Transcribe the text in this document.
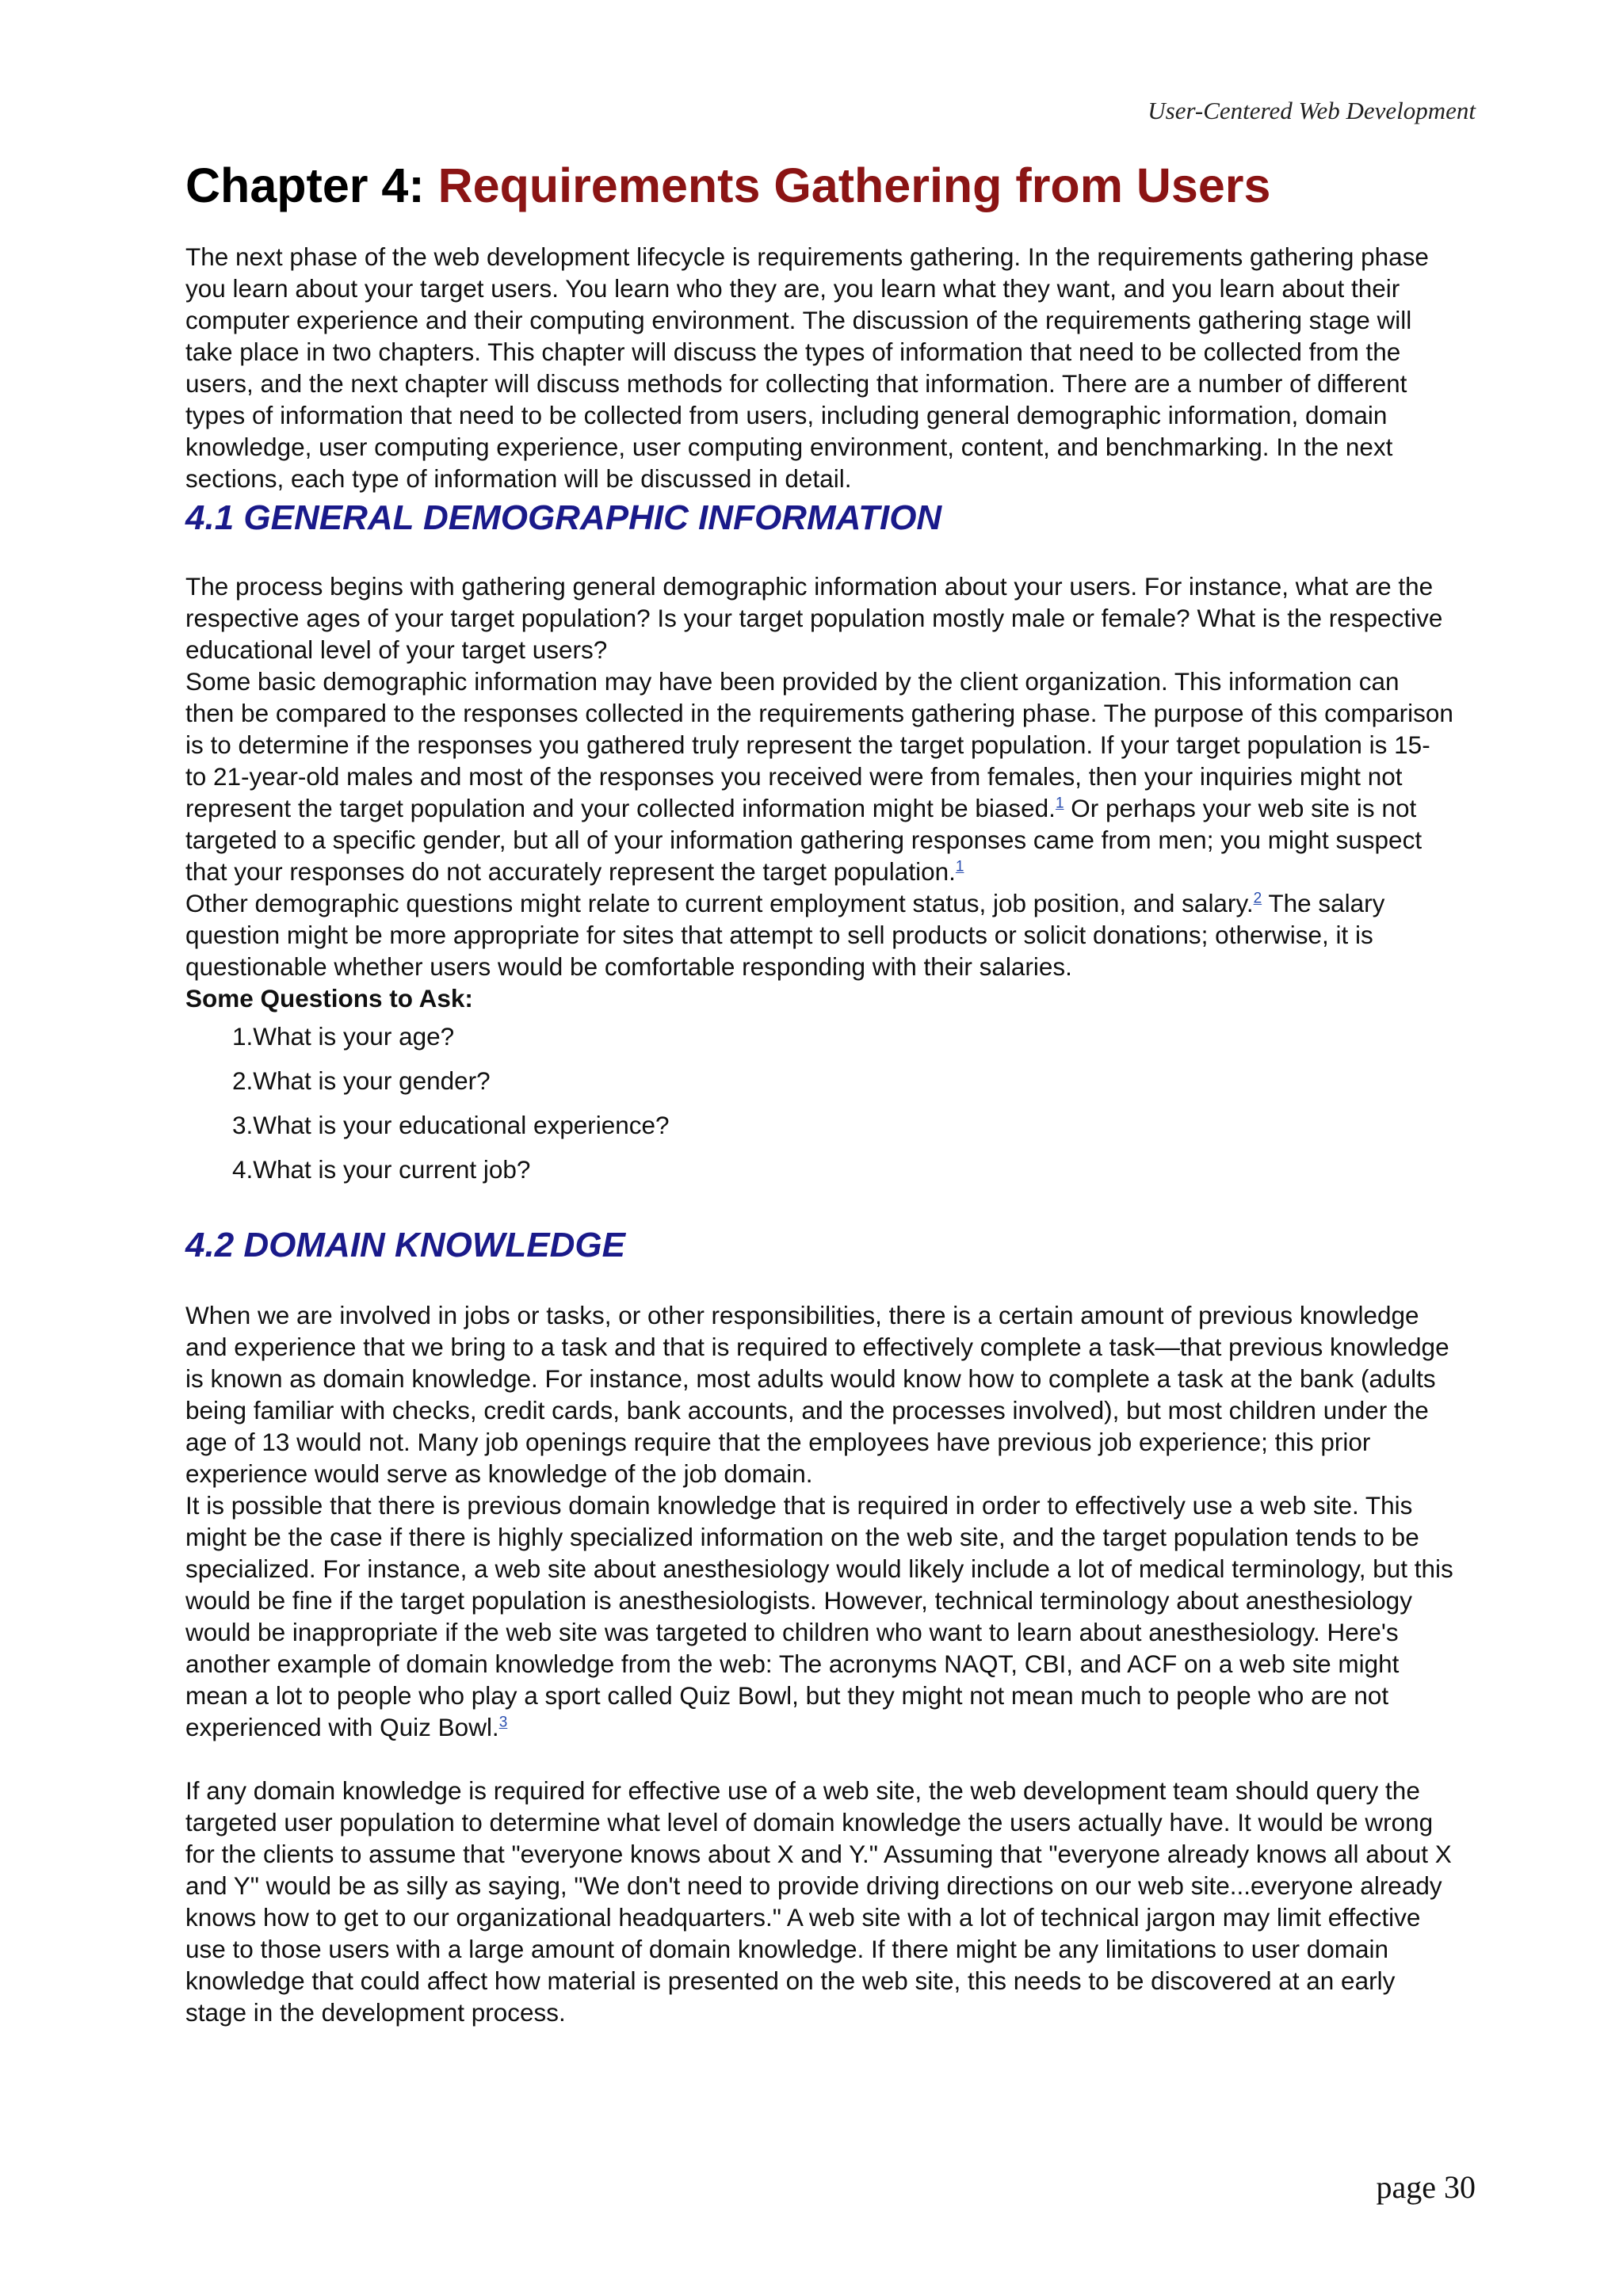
User-Centered Web Development
Chapter 4: Requirements Gathering from Users

The next phase of the web development lifecycle is requirements gathering. In the requirements gathering phase you learn about your target users. You learn who they are, you learn what they want, and you learn about their computer experience and their computing environment. The discussion of the requirements gathering stage will take place in two chapters. This chapter will discuss the types of information that need to be collected from the users, and the next chapter will discuss methods for collecting that information. There are a number of different types of information that need to be collected from users, including general demographic information, domain knowledge, user computing experience, user computing environment, content, and benchmarking. In the next sections, each type of information will be discussed in detail.

4.1 GENERAL DEMOGRAPHIC INFORMATION

The process begins with gathering general demographic information about your users. For instance, what are the respective ages of your target population? Is your target population mostly male or female? What is the respective educational level of your target users?

Some basic demographic information may have been provided by the client organization. This information can then be compared to the responses collected in the requirements gathering phase. The purpose of this comparison is to determine if the responses you gathered truly represent the target population. If your target population is 15- to 21-year-old males and most of the responses you received were from females, then your inquiries might not represent the target population and your collected information might be biased.$^1$ Or perhaps your web site is not targeted to a specific gender, but all of your information gathering responses came from men; you might suspect that your responses do not accurately represent the target population.$^1$

Other demographic questions might relate to current employment status, job position, and salary.$^2$ The salary question might be more appropriate for sites that attempt to sell products or solicit donations; otherwise, it is questionable whether users would be comfortable responding with their salaries.

Some Questions to Ask:

1.What is your age?
2.What is your gender?
3.What is your educational experience?
4.What is your current job?
4.2 DOMAIN KNOWLEDGE

When we are involved in jobs or tasks, or other responsibilities, there is a certain amount of previous knowledge and experience that we bring to a task and that is required to effectively complete a task—that previous knowledge is known as domain knowledge. For instance, most adults would know how to complete a task at the bank (adults being familiar with checks, credit cards, bank accounts, and the processes involved), but most children under the age of 13 would not. Many job openings require that the employees have previous job experience; this prior experience would serve as knowledge of the job domain.

It is possible that there is previous domain knowledge that is required in order to effectively use a web site. This might be the case if there is highly specialized information on the web site, and the target population tends to be specialized. For instance, a web site about anesthesiology would likely include a lot of medical terminology, but this would be fine if the target population is anesthesiologists. However, technical terminology about anesthesiology would be inappropriate if the web site was targeted to children who want to learn about anesthesiology. Here's another example of domain knowledge from the web: The acronyms NAQT, CBI, and ACF on a web site might mean a lot to people who play a sport called Quiz Bowl, but they might not mean much to people who are not experienced with Quiz Bowl.$^3$

If any domain knowledge is required for effective use of a web site, the web development team should query the targeted user population to determine what level of domain knowledge the users actually have. It would be wrong for the clients to assume that "everyone knows about X and Y." Assuming that "everyone already knows all about X and Y" would be as silly as saying, "We don't need to provide driving directions on our web site...everyone already knows how to get to our organizational headquarters." A web site with a lot of technical jargon may limit effective use to those users with a large amount of domain knowledge. If there might be any limitations to user domain knowledge that could affect how material is presented on the web site, this needs to be discovered at an early stage in the development process.

page 30
